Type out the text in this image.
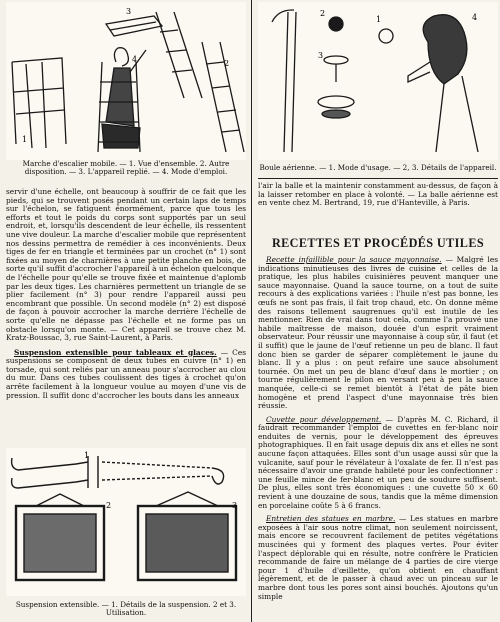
3
1
4	2
Marche d'escalier mobile. — 1. Vue d'ensemble. 2. Autre disposition. — 3. L'appareil replié. — 4. Mode d'emploi.
2
3
1	4
Boule aérienne. — 1. Mode d'usage. — 2, 3. Détails de l'appareil.

servir d'une échelle, ont beaucoup à souffrir de ce fait que les pieds, qui se trouvent posés pendant un certain laps de temps sur l'échelon, se fatiguent énormément, parce que tous les efforts et tout le poids du corps sont supportés par un seul endroit, et, lorsqu'ils descendent de leur échelle, ils ressentent une vive douleur. La marche d'escalier mobile que représentent nos dessins permettra de remédier à ces inconvénients. Deux tiges de fer en triangle et terminées par un crochet (n° 1) sont fixées au moyen de charnières à une petite planche en bois, de sorte qu'il suffit d'accrocher l'appareil à un échelon quelconque de l'échelle pour qu'elle se trouve fixée et maintenue d'aplomb par les deux tiges. Les charnières permettent un triangle de se plier facilement (n° 3) pour rendre l'appareil aussi peu encombrant que possible. Un second modèle (n° 2) est disposé de façon à pouvoir accrocher la marche derrière l'échelle de sorte qu'elle ne dépasse pas l'échelle et ne forme pas un obstacle lorsqu'on monte. — Cet appareil se trouve chez M. Kratz-Boussac, 3, rue Saint-Laurent, à Paris.

Suspension extensible pour tableaux et glaces. — Ces suspensions se composent de deux tubes en cuivre (n° 1) en torsade, qui sont reliés par un anneau pour s'accrocher au clou du mur. Dans ces tubes coulissent des tiges à crochet qu'on arrête facilement à la longueur voulue au moyen d'une vis de pression. Il suffit donc d'accrocher les bouts dans les anneaux

1
2	3
Suspension extensible. — 1. Détails de la suspension. 2 et 3. Utilisation.
l'air la balle et la maintenir constamment au-dessus, de façon à la laisser retomber en place à volonté. — La balle aérienne est en vente chez M. Bertrand, 19, rue d'Hanteville, à Paris.
RECETTES ET PROCÉDÉS UTILES

Recette infaillible pour la sauce mayonnaise. — Malgré les indications minutieuses des livres de cuisine et celles de la pratique, les plus habiles cuisinières peuvent manquer une sauce mayonnaise. Quand la sauce tourne, on a tout de suite recours à des explications variées : l'huile n'est pas bonne, les œufs ne sont pas frais, il fait trop chaud, etc. On donne même des raisons tellement saugrenues qu'il est inutile de les mentionner. Rien de vrai dans tout cela, comme l'a prouvé une habile maîtresse de maison, douée d'un esprit vraiment observateur. Pour réussir une mayonnaise à coup sûr, il faut (et il suffit) que le jaune de l'œuf retienne un peu de blanc. Il faut donc bien se garder de séparer complètement le jaune du blanc. Il y a plus : on peut refaire une sauce absolument tournée. On met un peu de blanc d'œuf dans le mortier ; on tourne régulièrement le pilon en versant peu à peu la sauce manquée, celle-ci se remet bientôt à l'état de pâte bien homogène et prend l'aspect d'une mayonnaise très bien réussie.

Cuvette pour développement. — D'après M. C. Richard, il faudrait recommander l'emploi de cuvettes en fer-blanc noir enduites de vernis, pour le développement des épreuves photographiques. Il en fait usage depuis dix ans et elles ne sont aucune façon attaquées. Elles sont d'un usage aussi sûr que la vulcanite, sauf pour le révélateur à l'oxalate de fer. Il n'est pas nécessaire d'avoir une grande habileté pour les confectionner : une feuille mince de fer-blanc et un peu de soudure suffisent. De plus, elles sont très économiques : une cuvette 50 × 60 revient à une douzaine de sous, tandis que la même dimension en porcelaine coûte 5 à 6 francs.

Entretien des statues en marbre. — Les statues en marbre exposées à l'air sous notre climat, non seulement noircissent, mais encore se recouvrent facilement de petites végétations muscinées qui y forment des plaques vertes. Pour éviter l'aspect déplorable qui en résulte, notre confrère le Praticien recommande de faire un mélange de 4 parties de cire vierge pour 1 d'huile d'œillette, qu'on obtient en chauffant légèrement, et de le passer à chaud avec un pinceau sur le marbre dont tous les pores sont ainsi bouchés. Ajoutons qu'un simple
